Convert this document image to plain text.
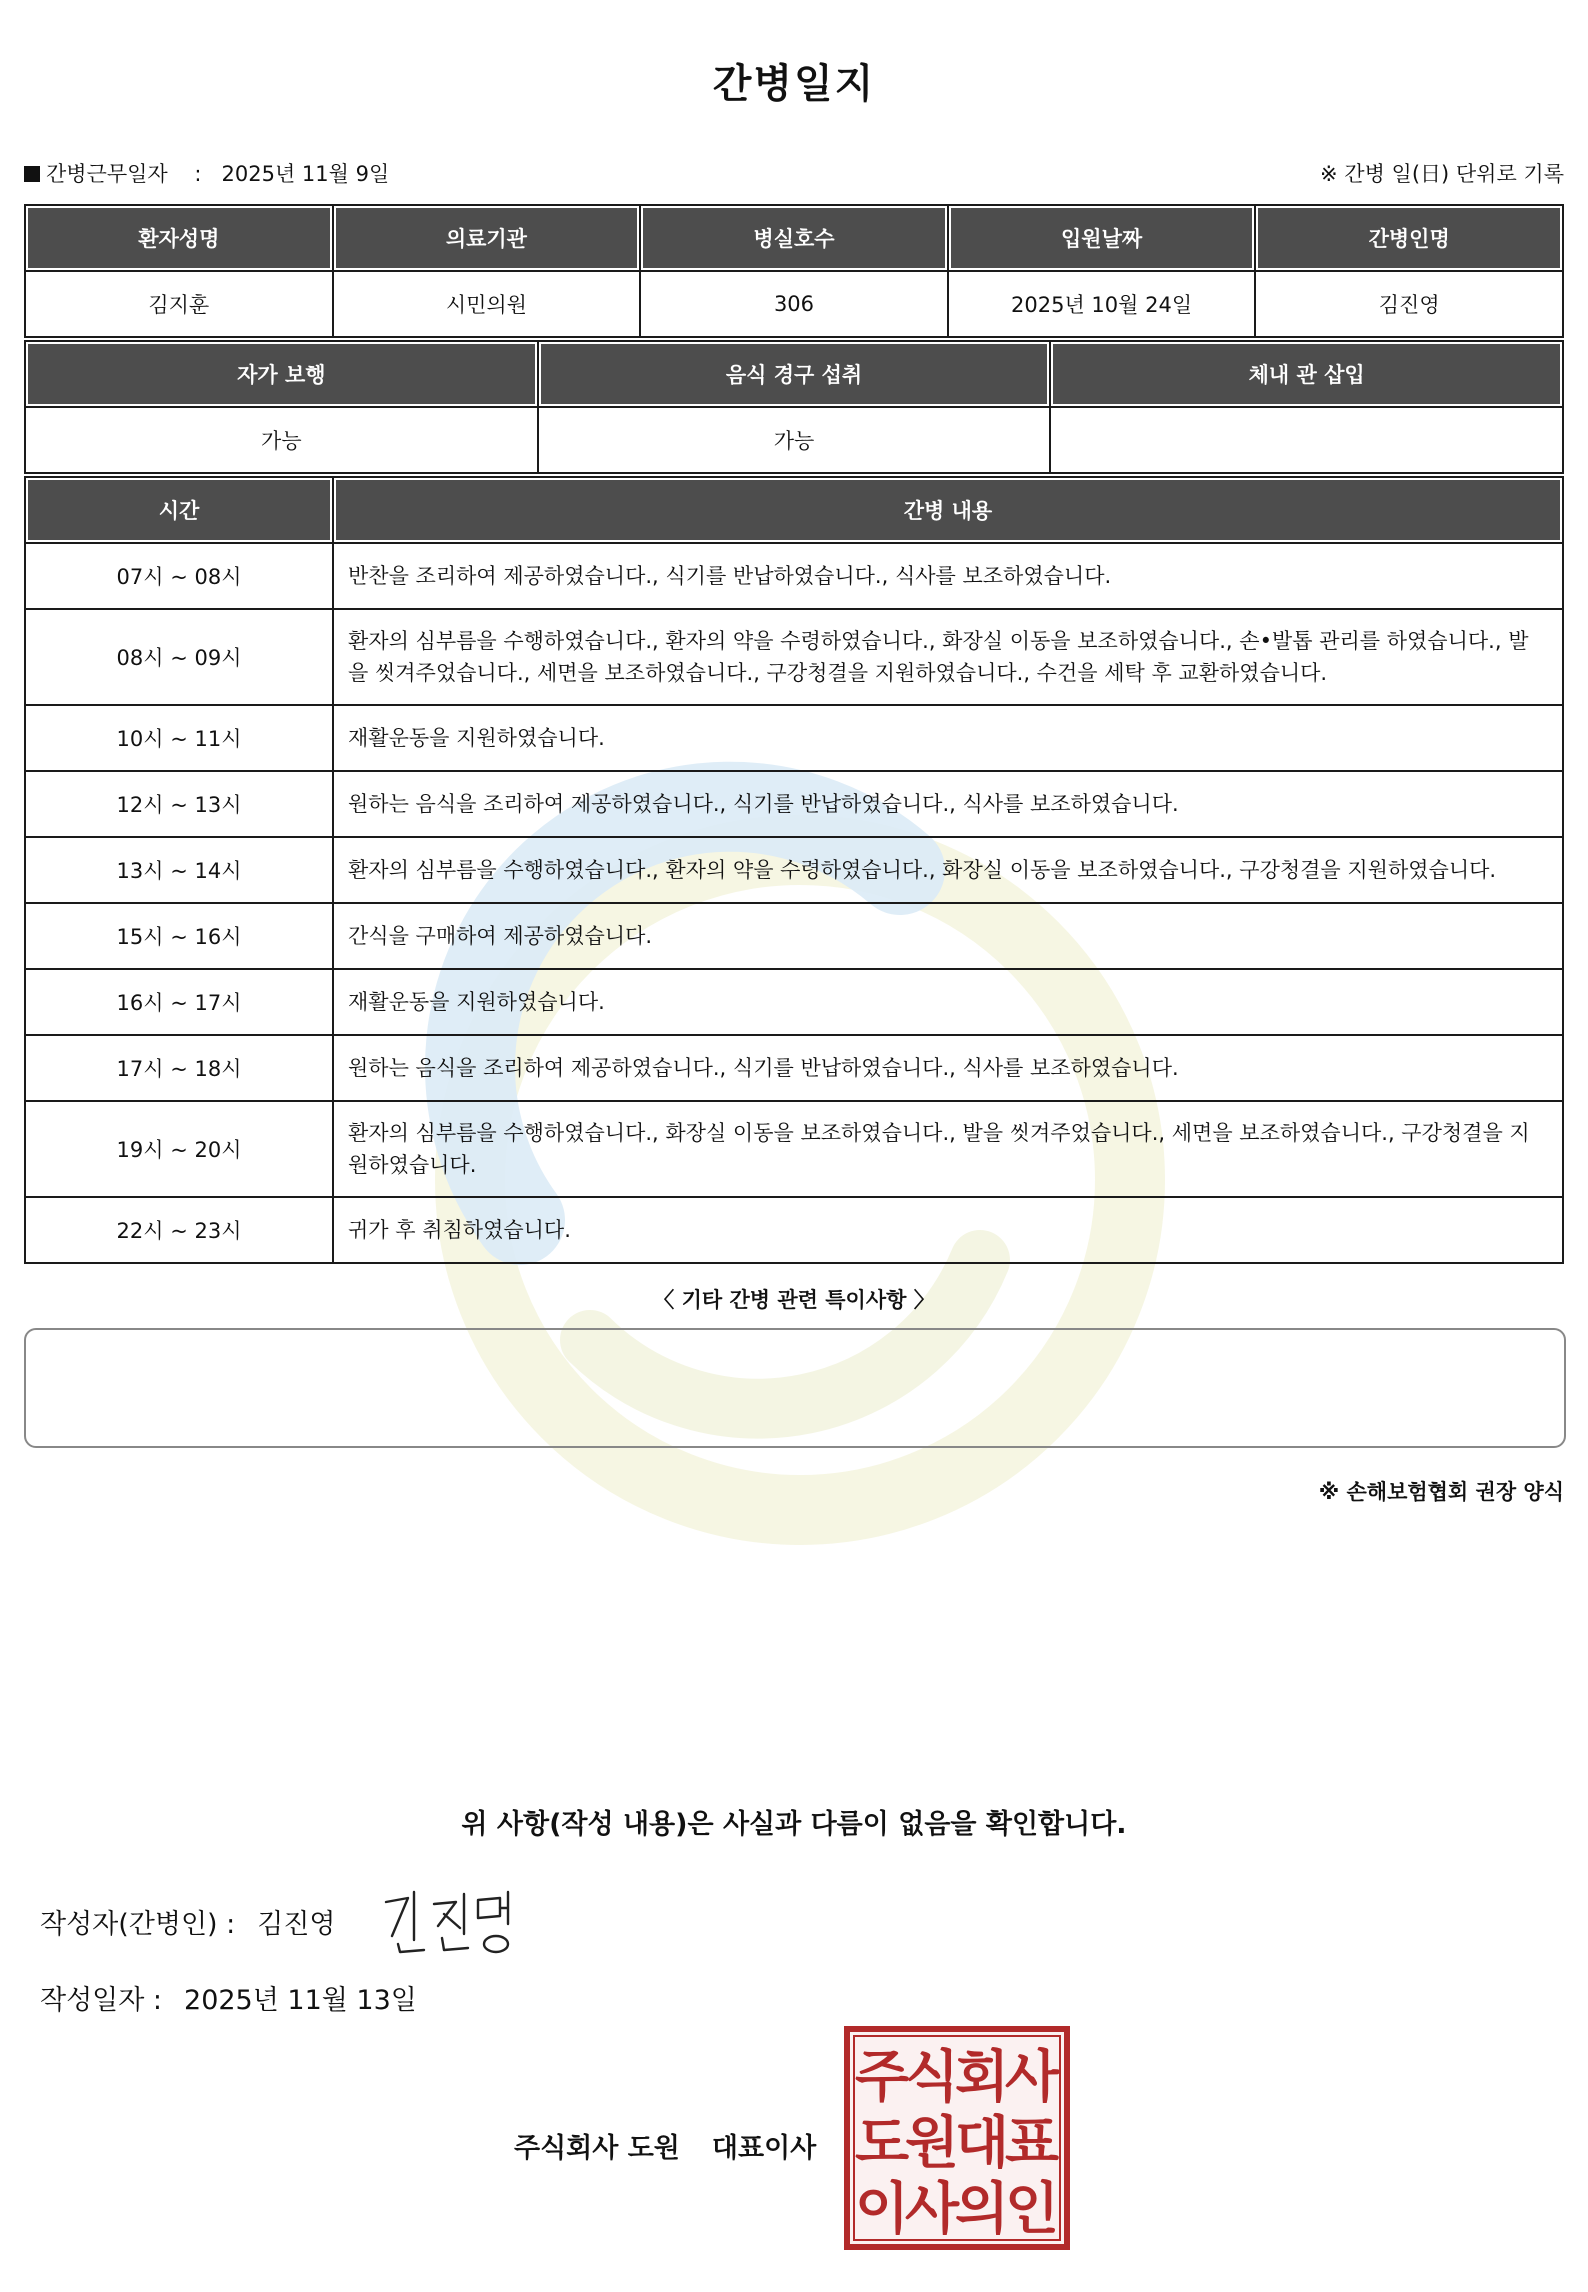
간병일지
간병근무일자 : 2025년 11월 9일	※ 간병 일(日) 단위로 기록
환자성명	의료기관	병실호수	입원날짜	간병인명
김지훈	시민의원	306	2025년 10월 24일	김진영
자가 보행	음식 경구 섭취	체내 관 삽입
가능	가능	
시간	간병 내용
07시 ~ 08시	반찬을 조리하여 제공하였습니다., 식기를 반납하였습니다., 식사를 보조하였습니다.
08시 ~ 09시	환자의 심부름을 수행하였습니다., 환자의 약을 수령하였습니다., 화장실 이동을 보조하였습니다., 손•발톱 관리를 하였습니다., 발을 씻겨주었습니다., 세면을 보조하였습니다., 구강청결을 지원하였습니다., 수건을 세탁 후 교환하였습니다.
10시 ~ 11시	재활운동을 지원하였습니다.
12시 ~ 13시	원하는 음식을 조리하여 제공하였습니다., 식기를 반납하였습니다., 식사를 보조하였습니다.
13시 ~ 14시	환자의 심부름을 수행하였습니다., 환자의 약을 수령하였습니다., 화장실 이동을 보조하였습니다., 구강청결을 지원하였습니다.
15시 ~ 16시	간식을 구매하여 제공하였습니다.
16시 ~ 17시	재활운동을 지원하였습니다.
17시 ~ 18시	원하는 음식을 조리하여 제공하였습니다., 식기를 반납하였습니다., 식사를 보조하였습니다.
19시 ~ 20시	환자의 심부름을 수행하였습니다., 화장실 이동을 보조하였습니다., 발을 씻겨주었습니다., 세면을 보조하였습니다., 구강청결을 지원하였습니다.
22시 ~ 23시	귀가 후 취침하였습니다.
〈 기타 간병 관련 특이사항 〉
※ 손해보험협회 권장 양식
위 사항(작성 내용)은 사실과 다름이 없음을 확인합니다.
작성자(간병인) : 김진영
작성일자 : 2025년 11월 13일
주식회사 도원 대표이사
주
식
회
사
도
원
대
표
이
사
의
인
